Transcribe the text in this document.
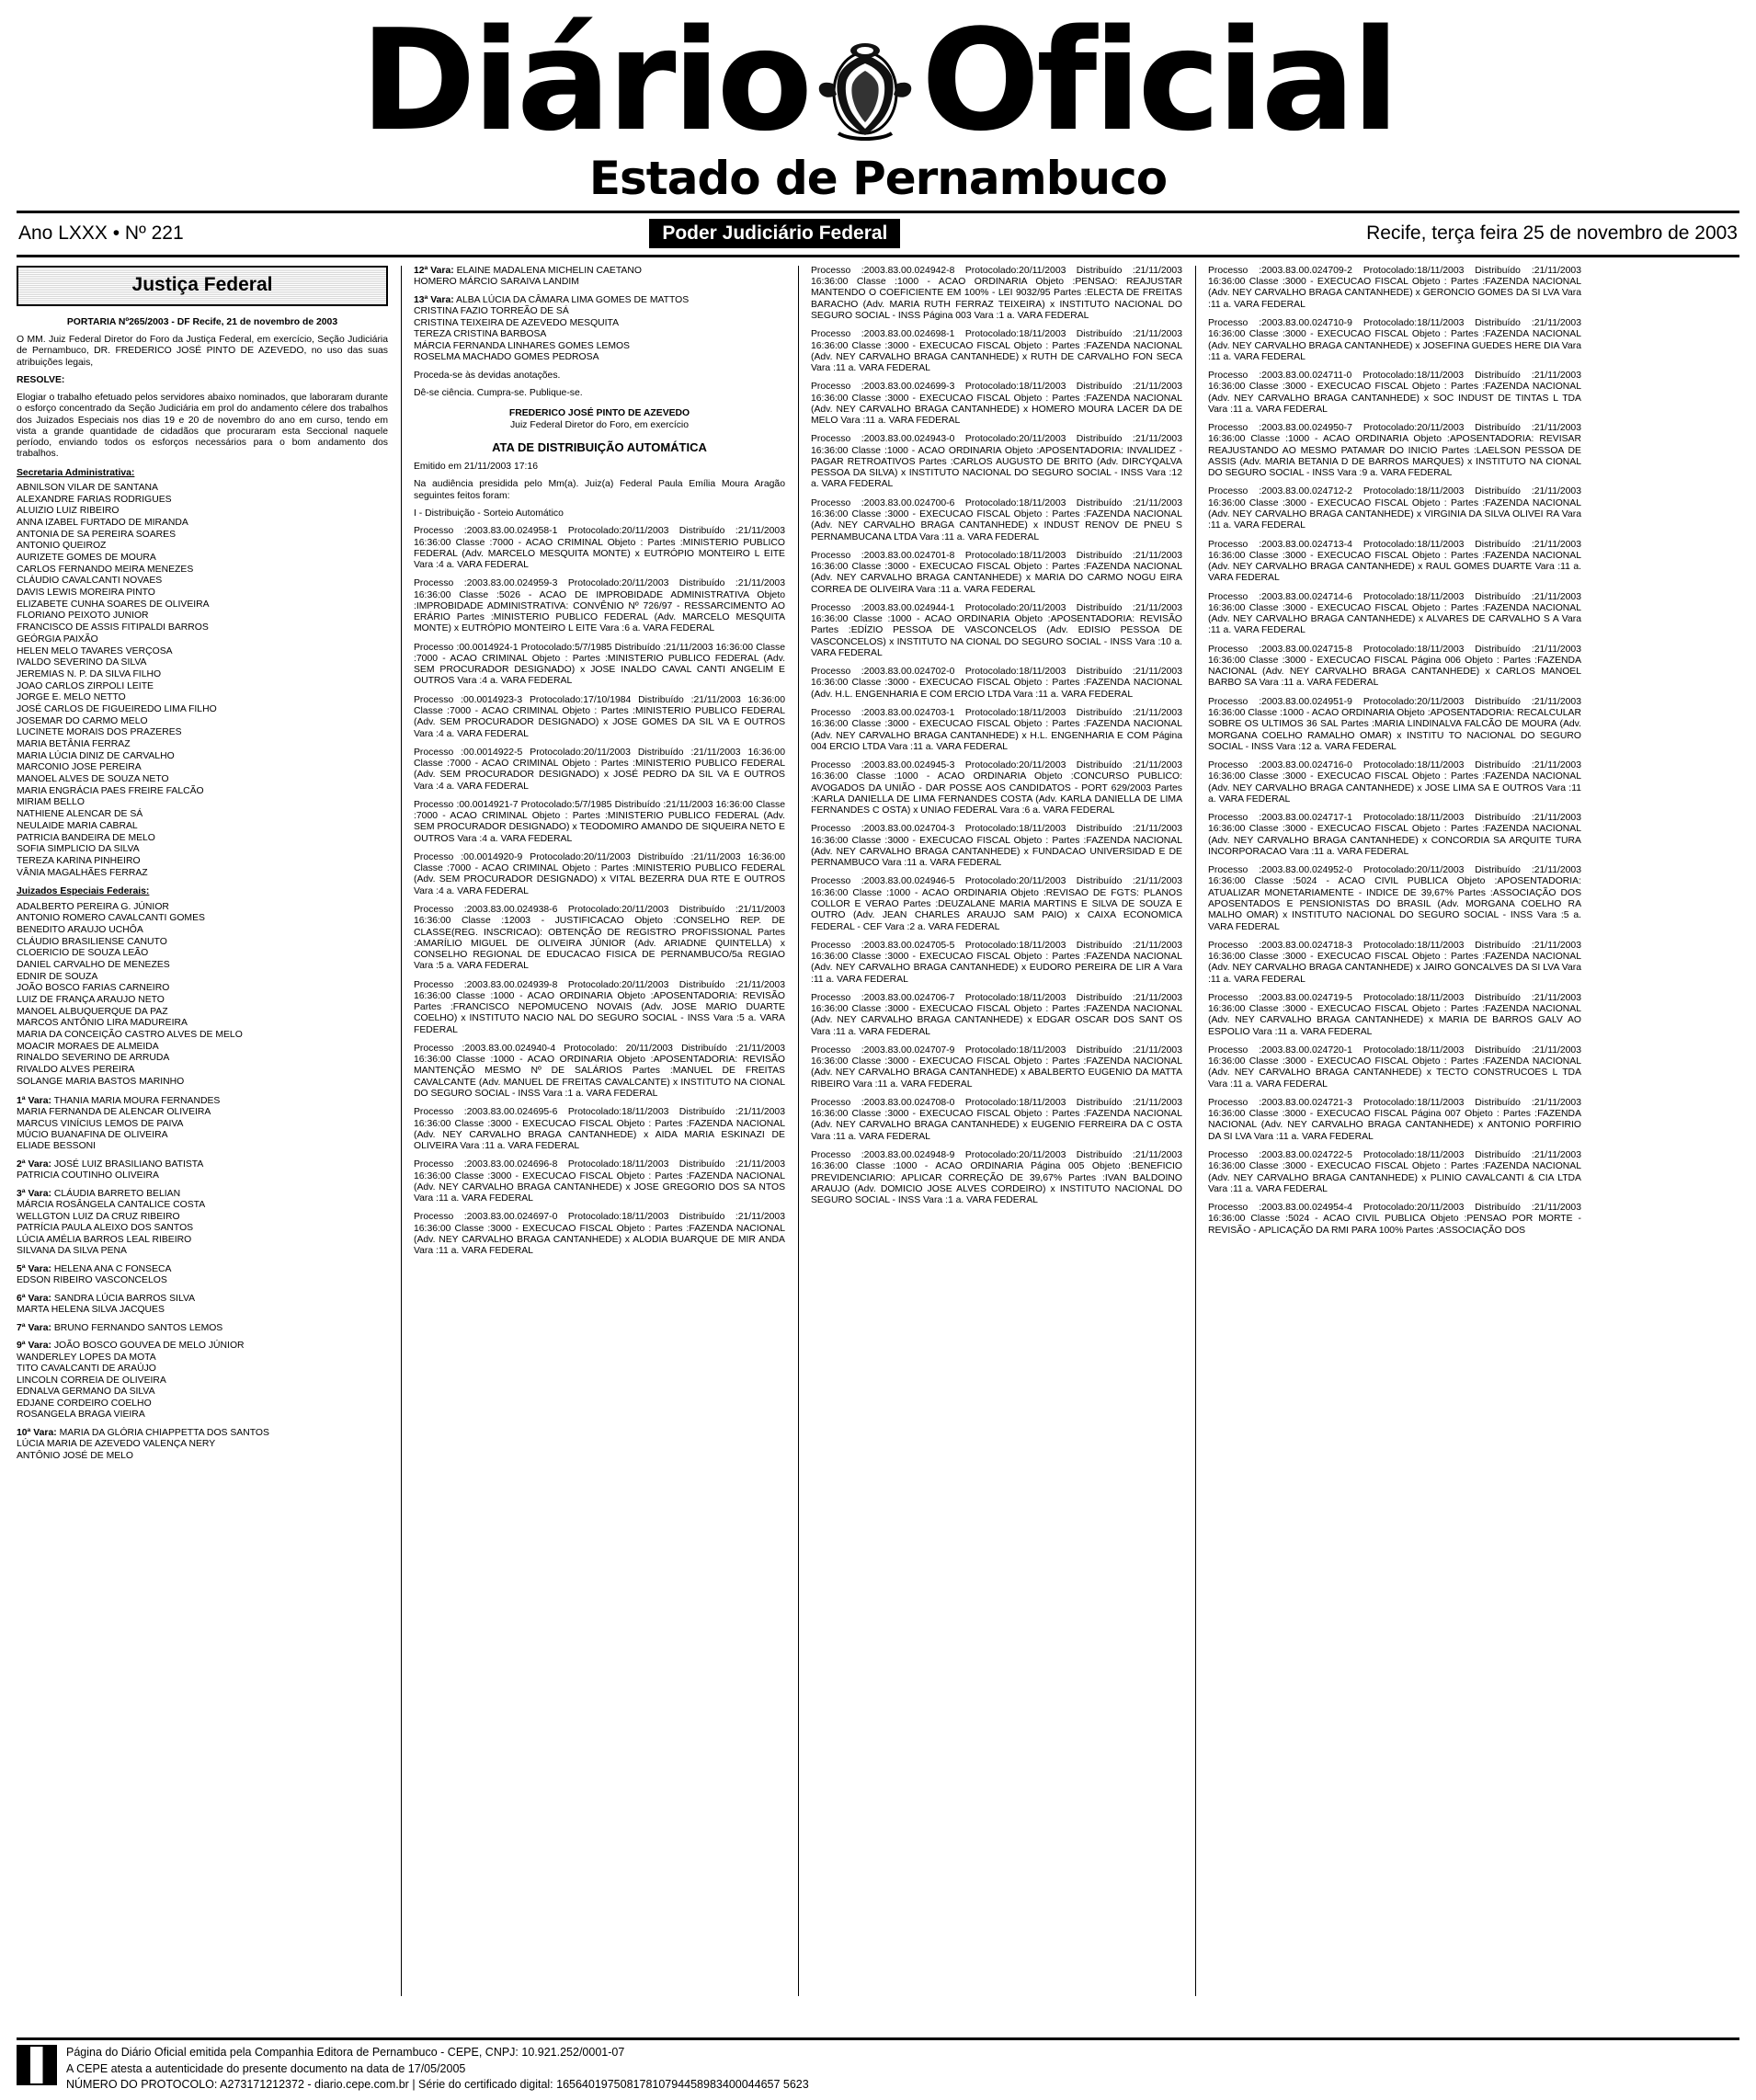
Diário Oficial
Estado de Pernambuco
Ano LXXX • Nº 221	Poder Judiciário Federal	Recife, terça feira 25 de novembro de 2003
Justiça Federal
PORTARIA Nº265/2003 - DF Recife, 21 de novembro de 2003
O MM. Juiz Federal Diretor do Foro da Justiça Federal, em exercício, Seção Judiciária de Pernambuco, DR. FREDERICO JOSÉ PINTO DE AZEVEDO, no uso das suas atribuições legais,
RESOLVE:
Elogiar o trabalho efetuado pelos servidores abaixo nominados, que laboraram durante o esforço concentrado da Seção Judiciária em prol do andamento célere dos trabalhos dos Juizados Especiais nos dias 19 e 20 de novembro do ano em curso, tendo em vista a grande quantidade de cidadãos que procuraram esta Seccional naquele período, enviando todos os esforços necessários para o bom andamento dos trabalhos.
Secretaria Administrativa:
ABNILSON VILAR DE SANTANA
ALEXANDRE FARIAS RODRIGUES
ALUIZIO LUIZ RIBEIRO
ANNA IZABEL FURTADO DE MIRANDA
ANTONIA DE SA PEREIRA SOARES
ANTONIO QUEIROZ
AURIZETE GOMES DE MOURA
CARLOS FERNANDO MEIRA MENEZES
CLÁUDIO CAVALCANTI NOVAES
DAVIS LEWIS MOREIRA PINTO
ELIZABETE CUNHA SOARES DE OLIVEIRA
FLORIANO PEIXOTO JUNIOR
FRANCISCO DE ASSIS FITIPALDI BARROS
GEÓRGIA PAIXÃO
HELEN MELO TAVARES VERÇOSA
IVALDO SEVERINO DA SILVA
JEREMIAS N. P. DA SILVA FILHO
JOAO CARLOS ZIRPOLI LEITE
JORGE E. MELO NETTO
JOSÉ CARLOS DE FIGUEIREDO LIMA FILHO
JOSEMAR DO CARMO MELO
LUCINETE MORAIS DOS PRAZERES
MARIA BETÂNIA FERRAZ
MARIA LÚCIA DINIZ DE CARVALHO
MARCONIO JOSE PEREIRA
MANOEL ALVES DE SOUZA NETO
MARIA ENGRÁCIA PAES FREIRE FALCÃO
MIRIAM BELLO
NATHIENE ALENCAR DE SÁ
NEULAIDE MARIA CABRAL
PATRICIA BANDEIRA DE MELO
SOFIA SIMPLICIO DA SILVA
TEREZA KARINA PINHEIRO
VÂNIA MAGALHÃES FERRAZ
Juizados Especiais Federais:
ADALBERTO PEREIRA G. JÚNIOR
ANTONIO ROMERO CAVALCANTI GOMES
BENEDITO ARAUJO UCHÔA
CLÁUDIO BRASILIENSE CANUTO
CLOERICIO DE SOUZA LEÃO
DANIEL CARVALHO DE MENEZES
EDNIR DE SOUZA
JOÃO BOSCO FARIAS CARNEIRO
LUIZ DE FRANÇA ARAUJO NETO
MANOEL ALBUQUERQUE DA PAZ
MARCOS ANTÔNIO LIRA MADUREIRA
MARIA DA CONCEIÇÃO CASTRO ALVES DE MELO
MOACIR MORAES DE ALMEIDA
RINALDO SEVERINO DE ARRUDA
RIVALDO ALVES PEREIRA
SOLANGE MARIA BASTOS MARINHO
1ª Vara: THANIA MARIA MOURA FERNANDES
MARIA FERNANDA DE ALENCAR OLIVEIRA
MARCUS VINÍCIUS LEMOS DE PAIVA
MÚCIO BUANAFINA DE OLIVEIRA
ELIADE BESSONI
2ª Vara: JOSÉ LUIZ BRASILIANO BATISTA
PATRICIA COUTINHO OLIVEIRA
3ª Vara: CLÁUDIA BARRETO BELIAN
MÁRCIA ROSÂNGELA CANTALICE COSTA
WELLGTON LUIZ DA CRUZ RIBEIRO
PATRÍCIA PAULA ALEIXO DOS SANTOS
LÚCIA AMÉLIA BARROS LEAL RIBEIRO
SILVANA DA SILVA PENA
5ª Vara: HELENA ANA C FONSECA
EDSON RIBEIRO VASCONCELOS
6ª Vara: SANDRA LÚCIA BARROS SILVA
MARTA HELENA SILVA JACQUES
7ª Vara: BRUNO FERNANDO SANTOS LEMOS
9ª Vara: JOÃO BOSCO GOUVEA DE MELO JÚNIOR
WANDERLEY LOPES DA MOTA
TITO CAVALCANTI DE ARAÚJO
LINCOLN CORREIA DE OLIVEIRA
EDNALVA GERMANO DA SILVA
EDJANE CORDEIRO COELHO
ROSANGELA BRAGA VIEIRA
10ª Vara: MARIA DA GLÓRIA CHIAPPETTA DOS SANTOS
LÚCIA MARIA DE AZEVEDO VALENÇA NERY
ANTÔNIO JOSÉ DE MELO
12ª Vara: ELAINE MADALENA MICHELIN CAETANO
HOMERO MÁRCIO SARAIVA LANDIM
13ª Vara: ALBA LÚCIA DA CÂMARA LIMA GOMES DE MATTOS
CRISTINA FAZIO TORREÃO DE SÁ
CRISTINA TEIXEIRA DE AZEVEDO MESQUITA
TEREZA CRISTINA BARBOSA
MÁRCIA FERNANDA LINHARES GOMES LEMOS
ROSELMA MACHADO GOMES PEDROSA
Proceda-se às devidas anotações.
Dê-se ciência. Cumpra-se. Publique-se.
FREDERICO JOSÉ PINTO DE AZEVEDO
Juiz Federal Diretor do Foro, em exercício
ATA DE DISTRIBUIÇÃO AUTOMÁTICA
Emitido em 21/11/2003 17:16
Na audiência presidida pelo Mm(a). Juiz(a) Federal Paula Emília Moura Aragão seguintes feitos foram:
I - Distribuição - Sorteio Automático
Processo :2003.83.00.024958-1 Protocolado:20/11/2003 Distribuído :21/11/2003 16:36:00 Classe :7000 - ACAO CRIMINAL Objeto : Partes :MINISTERIO PUBLICO FEDERAL (Adv. MARCELO MESQUITA MONTE) x EUTRÓPIO MONTEIRO L EITE Vara :4 a. VARA FEDERAL
Processo :2003.83.00.024959-3 Protocolado:20/11/2003 Distribuído :21/11/2003 16:36:00 Classe :5026 - ACAO DE IMPROBIDADE ADMINISTRATIVA Objeto :IMPROBIDADE ADMINISTRATIVA: CONVÊNIO Nº 726/97 - RESSARCIMENTO AO ERÁRIO Partes :MINISTERIO PUBLICO FEDERAL (Adv. MARCELO MESQUITA MONTE) x EUTRÓPIO MONTEIRO L EITE Vara :6 a. VARA FEDERAL
Processo :00.0014924-1 Protocolado:5/7/1985 Distribuído :21/11/2003 16:36:00 Classe :7000 - ACAO CRIMINAL Objeto : Partes :MINISTERIO PUBLICO FEDERAL (Adv. SEM PROCURADOR DESIGNADO) x JOSE INALDO CAVAL CANTI ANGELIM E OUTROS Vara :4 a. VARA FEDERAL
Processo :00.0014923-3 Protocolado:17/10/1984 Distribuído :21/11/2003 16:36:00 Classe :7000 - ACAO CRIMINAL Objeto : Partes :MINISTERIO PUBLICO FEDERAL (Adv. SEM PROCURADOR DESIGNADO) x JOSE GOMES DA SIL VA E OUTROS Vara :4 a. VARA FEDERAL
Processo :00.0014922-5 Protocolado:20/11/2003 Distribuído :21/11/2003 16:36:00 Classe :7000 - ACAO CRIMINAL Objeto : Partes :MINISTERIO PUBLICO FEDERAL (Adv. SEM PROCURADOR DESIGNADO) x JOSÉ PEDRO DA SIL VA E OUTROS Vara :4 a. VARA FEDERAL
Processo :00.0014921-7 Protocolado:5/7/1985 Distribuído :21/11/2003 16:36:00 Classe :7000 - ACAO CRIMINAL Objeto : Partes :MINISTERIO PUBLICO FEDERAL (Adv. SEM PROCURADOR DESIGNADO) x TEODOMIRO AMANDO DE SIQUEIRA NETO E OUTROS Vara :4 a. VARA FEDERAL
Processo :00.0014920-9 Protocolado:20/11/2003 Distribuído :21/11/2003 16:36:00 Classe :7000 - ACAO CRIMINAL Objeto : Partes :MINISTERIO PUBLICO FEDERAL (Adv. SEM PROCURADOR DESIGNADO) x VITAL BEZERRA DUA RTE E OUTROS Vara :4 a. VARA FEDERAL
Processo :2003.83.00.024938-6 Protocolado:20/11/2003 Distribuído :21/11/2003 16:36:00 Classe :12003 - JUSTIFICACAO Objeto :CONSELHO REP. DE CLASSE(REG. INSCRICAO): OBTENÇÃO DE REGISTRO PROFISSIONAL Partes :AMARÍLIO MIGUEL DE OLIVEIRA JÚNIOR (Adv. ARIADNE QUINTELLA) x CONSELHO REGIONAL DE EDUCACAO FISICA DE PERNAMBUCO/5a REGIAO Vara :5 a. VARA FEDERAL
Processo :2003.83.00.024939-8 Protocolado:20/11/2003 Distribuído :21/11/2003 16:36:00 Classe :1000 - ACAO ORDINARIA Objeto :APOSENTADORIA: REVISÃO Partes :FRANCISCO NEPOMUCENO NOVAIS (Adv. JOSE MARIO DUARTE COELHO) x INSTITUTO NACIO NAL DO SEGURO SOCIAL - INSS Vara :5 a. VARA FEDERAL
Processo :2003.83.00.024940-4 Protocolado: 20/11/2003 Distribuído :21/11/2003 16:36:00 Classe :1000 - ACAO ORDINARIA Objeto :APOSENTADORIA: REVISÃO MANTENÇÃO MESMO Nº DE SALÁRIOS Partes :MANUEL DE FREITAS CAVALCANTE (Adv. MANUEL DE FREITAS CAVALCANTE) x INSTITUTO NA CIONAL DO SEGURO SOCIAL - INSS Vara :1 a. VARA FEDERAL
Processo :2003.83.00.024695-6 Protocolado:18/11/2003 Distribuído :21/11/2003 16:36:00 Classe :3000 - EXECUCAO FISCAL Objeto : Partes :FAZENDA NACIONAL (Adv. NEY CARVALHO BRAGA CANTANHEDE) x AIDA MARIA ESKINAZI DE OLIVEIRA Vara :11 a. VARA FEDERAL
Processo :2003.83.00.024696-8 Protocolado:18/11/2003 Distribuído :21/11/2003 16:36:00 Classe :3000 - EXECUCAO FISCAL Objeto : Partes :FAZENDA NACIONAL (Adv. NEY CARVALHO BRAGA CANTANHEDE) x JOSE GREGORIO DOS SA NTOS Vara :11 a. VARA FEDERAL
Processo :2003.83.00.024697-0 Protocolado:18/11/2003 Distribuído :21/11/2003 16:36:00 Classe :3000 - EXECUCAO FISCAL Objeto : Partes :FAZENDA NACIONAL (Adv. NEY CARVALHO BRAGA CANTANHEDE) x ALODIA BUARQUE DE MIR ANDA Vara :11 a. VARA FEDERAL
Processo :2003.83.00.024942-8 Protocolado:20/11/2003 Distribuído :21/11/2003 16:36:00 Classe :1000 - ACAO ORDINARIA Objeto :PENSAO: REAJUSTAR MANTENDO O COEFICIENTE EM 100% - LEI 9032/95 Partes :ELECTA DE FREITAS BARACHO (Adv. MARIA RUTH FERRAZ TEIXEIRA) x INSTITUTO NACIONAL DO SEGURO SOCIAL - INSS Página 003 Vara :1 a. VARA FEDERAL
Processo :2003.83.00.024698-1 Protocolado:18/11/2003 Distribuído :21/11/2003 16:36:00 Classe :3000 - EXECUCAO FISCAL Objeto : Partes :FAZENDA NACIONAL (Adv. NEY CARVALHO BRAGA CANTANHEDE) x RUTH DE CARVALHO FON SECA Vara :11 a. VARA FEDERAL
Processo :2003.83.00.024699-3 Protocolado:18/11/2003 Distribuído :21/11/2003 16:36:00 Classe :3000 - EXECUCAO FISCAL Objeto : Partes :FAZENDA NACIONAL (Adv. NEY CARVALHO BRAGA CANTANHEDE) x HOMERO MOURA LACER DA DE MELO Vara :11 a. VARA FEDERAL
Processo :2003.83.00.024943-0 Protocolado:20/11/2003 Distribuído :21/11/2003 16:36:00 Classe :1000 - ACAO ORDINARIA Objeto :APOSENTADORIA: INVALIDEZ - PAGAR RETROATIVOS Partes :CARLOS AUGUSTO DE BRITO (Adv. DIRCYQALVA PESSOA DA SILVA) x INSTITUTO NACIONAL DO SEGURO SOCIAL - INSS Vara :12 a. VARA FEDERAL
Processo :2003.83.00.024700-6 Protocolado:18/11/2003 Distribuído :21/11/2003 16:36:00 Classe :3000 - EXECUCAO FISCAL Objeto : Partes :FAZENDA NACIONAL (Adv. NEY CARVALHO BRAGA CANTANHEDE) x INDUST RENOV DE PNEU S PERNAMBUCANA LTDA Vara :11 a. VARA FEDERAL
Processo :2003.83.00.024701-8 Protocolado:18/11/2003 Distribuído :21/11/2003 16:36:00 Classe :3000 - EXECUCAO FISCAL Objeto : Partes :FAZENDA NACIONAL (Adv. NEY CARVALHO BRAGA CANTANHEDE) x MARIA DO CARMO NOGU EIRA CORREA DE OLIVEIRA Vara :11 a. VARA FEDERAL
Processo :2003.83.00.024944-1 Protocolado:20/11/2003 Distribuído :21/11/2003 16:36:00 Classe :1000 - ACAO ORDINARIA Objeto :APOSENTADORIA: REVISÃO Partes :EDÍZIO PESSOA DE VASCONCELOS (Adv. EDISIO PESSOA DE VASCONCELOS) x INSTITUTO NA CIONAL DO SEGURO SOCIAL - INSS Vara :10 a. VARA FEDERAL
Processo :2003.83.00.024702-0 Protocolado:18/11/2003 Distribuído :21/11/2003 16:36:00 Classe :3000 - EXECUCAO FISCAL Objeto : Partes :FAZENDA NACIONAL (Adv. H.L. ENGENHARIA E COM ERCIO LTDA Vara :11 a. VARA FEDERAL
Processo :2003.83.00.024703-1 Protocolado:18/11/2003 Distribuído :21/11/2003 16:36:00 Classe :3000 - EXECUCAO FISCAL Objeto : Partes :FAZENDA NACIONAL (Adv. NEY CARVALHO BRAGA CANTANHEDE) x H.L. ENGENHARIA E COM Página 004 ERCIO LTDA Vara :11 a. VARA FEDERAL
Processo :2003.83.00.024945-3 Protocolado:20/11/2003 Distribuído :21/11/2003 16:36:00 Classe :1000 - ACAO ORDINARIA Objeto :CONCURSO PUBLICO: AVOGADOS DA UNIÃO - DAR POSSE AOS CANDIDATOS - PORT 629/2003 Partes :KARLA DANIELLA DE LIMA FERNANDES COSTA (Adv. KARLA DANIELLA DE LIMA FERNANDES C OSTA) x UNIAO FEDERAL Vara :6 a. VARA FEDERAL
Processo :2003.83.00.024704-3 Protocolado:18/11/2003 Distribuído :21/11/2003 16:36:00 Classe :3000 - EXECUCAO FISCAL Objeto : Partes :FAZENDA NACIONAL (Adv. NEY CARVALHO BRAGA CANTANHEDE) x FUNDACAO UNIVERSIDAD E DE PERNAMBUCO Vara :11 a. VARA FEDERAL
Processo :2003.83.00.024946-5 Protocolado:20/11/2003 Distribuído :21/11/2003 16:36:00 Classe :1000 - ACAO ORDINARIA Objeto :REVISAO DE FGTS: PLANOS COLLOR E VERAO Partes :DEUZALANE MARIA MARTINS E SILVA DE SOUZA E OUTRO (Adv. JEAN CHARLES ARAUJO SAM PAIO) x CAIXA ECONOMICA FEDERAL - CEF Vara :2 a. VARA FEDERAL
Processo :2003.83.00.024705-5 Protocolado:18/11/2003 Distribuído :21/11/2003 16:36:00 Classe :3000 - EXECUCAO FISCAL Objeto : Partes :FAZENDA NACIONAL (Adv. NEY CARVALHO BRAGA CANTANHEDE) x EUDORO PEREIRA DE LIR A Vara :11 a. VARA FEDERAL
Processo :2003.83.00.024706-7 Protocolado:18/11/2003 Distribuído :21/11/2003 16:36:00 Classe :3000 - EXECUCAO FISCAL Objeto : Partes :FAZENDA NACIONAL (Adv. NEY CARVALHO BRAGA CANTANHEDE) x EDGAR OSCAR DOS SANT OS Vara :11 a. VARA FEDERAL
Processo :2003.83.00.024707-9 Protocolado:18/11/2003 Distribuído :21/11/2003 16:36:00 Classe :3000 - EXECUCAO FISCAL Objeto : Partes :FAZENDA NACIONAL (Adv. NEY CARVALHO BRAGA CANTANHEDE) x ABALBERTO EUGENIO DA MATTA RIBEIRO Vara :11 a. VARA FEDERAL
Processo :2003.83.00.024708-0 Protocolado:18/11/2003 Distribuído :21/11/2003 16:36:00 Classe :3000 - EXECUCAO FISCAL Objeto : Partes :FAZENDA NACIONAL (Adv. NEY CARVALHO BRAGA CANTANHEDE) x EUGENIO FERREIRA DA C OSTA Vara :11 a. VARA FEDERAL
Processo :2003.83.00.024948-9 Protocolado:20/11/2003 Distribuído :21/11/2003 16:36:00 Classe :1000 - ACAO ORDINARIA Página 005 Objeto :BENEFICIO PREVIDENCIARIO: APLICAR CORREÇÃO DE 39,67% Partes :IVAN BALDOINO ARAUJO (Adv. DOMICIO JOSE ALVES CORDEIRO) x INSTITUTO NACIONAL DO SEGURO SOCIAL - INSS Vara :1 a. VARA FEDERAL
Processo :2003.83.00.024709-2 Protocolado:18/11/2003 Distribuído :21/11/2003 16:36:00 Classe :3000 - EXECUCAO FISCAL Objeto : Partes :FAZENDA NACIONAL (Adv. NEY CARVALHO BRAGA CANTANHEDE) x GERONCIO GOMES DA SI LVA Vara :11 a. VARA FEDERAL
Processo :2003.83.00.024710-9 Protocolado:18/11/2003 Distribuído :21/11/2003 16:36:00 Classe :3000 - EXECUCAO FISCAL Objeto : Partes :FAZENDA NACIONAL (Adv. NEY CARVALHO BRAGA CANTANHEDE) x JOSEFINA GUEDES HERE DIA Vara :11 a. VARA FEDERAL
Processo :2003.83.00.024711-0 Protocolado:18/11/2003 Distribuído :21/11/2003 16:36:00 Classe :3000 - EXECUCAO FISCAL Objeto : Partes :FAZENDA NACIONAL (Adv. NEY CARVALHO BRAGA CANTANHEDE) x SOC INDUST DE TINTAS L TDA Vara :11 a. VARA FEDERAL
Processo :2003.83.00.024950-7 Protocolado:20/11/2003 Distribuído :21/11/2003 16:36:00 Classe :1000 - ACAO ORDINARIA Objeto :APOSENTADORIA: REVISAR REAJUSTANDO AO MESMO PATAMAR DO INICIO Partes :LAELSON PESSOA DE ASSIS (Adv. MARIA BETANIA D DE BARROS MARQUES) x INSTITUTO NA CIONAL DO SEGURO SOCIAL - INSS Vara :9 a. VARA FEDERAL
Processo :2003.83.00.024712-2 Protocolado:18/11/2003 Distribuído :21/11/2003 16:36:00 Classe :3000 - EXECUCAO FISCAL Objeto : Partes :FAZENDA NACIONAL (Adv. NEY CARVALHO BRAGA CANTANHEDE) x VIRGINIA DA SILVA OLIVEI RA Vara :11 a. VARA FEDERAL
Processo :2003.83.00.024713-4 Protocolado:18/11/2003 Distribuído :21/11/2003 16:36:00 Classe :3000 - EXECUCAO FISCAL Objeto : Partes :FAZENDA NACIONAL (Adv. NEY CARVALHO BRAGA CANTANHEDE) x RAUL GOMES DUARTE Vara :11 a. VARA FEDERAL
Processo :2003.83.00.024714-6 Protocolado:18/11/2003 Distribuído :21/11/2003 16:36:00 Classe :3000 - EXECUCAO FISCAL Objeto : Partes :FAZENDA NACIONAL (Adv. NEY CARVALHO BRAGA CANTANHEDE) x ALVARES DE CARVALHO S A Vara :11 a. VARA FEDERAL
Processo :2003.83.00.024715-8 Protocolado:18/11/2003 Distribuído :21/11/2003 16:36:00 Classe :3000 - EXECUCAO FISCAL Página 006 Objeto : Partes :FAZENDA NACIONAL (Adv. NEY CARVALHO BRAGA CANTANHEDE) x CARLOS MANOEL BARBO SA Vara :11 a. VARA FEDERAL
Processo :2003.83.00.024951-9 Protocolado:20/11/2003 Distribuído :21/11/2003 16:36:00 Classe :1000 - ACAO ORDINARIA Objeto :APOSENTADORIA: RECALCULAR SOBRE OS ULTIMOS 36 SAL Partes :MARIA LINDINALVA FALCÃO DE MOURA (Adv. MORGANA COELHO RAMALHO OMAR) x INSTITU TO NACIONAL DO SEGURO SOCIAL - INSS Vara :12 a. VARA FEDERAL
Processo :2003.83.00.024716-0 Protocolado:18/11/2003 Distribuído :21/11/2003 16:36:00 Classe :3000 - EXECUCAO FISCAL Objeto : Partes :FAZENDA NACIONAL (Adv. NEY CARVALHO BRAGA CANTANHEDE) x JOSE LIMA SA E OUTROS Vara :11 a. VARA FEDERAL
Processo :2003.83.00.024717-1 Protocolado:18/11/2003 Distribuído :21/11/2003 16:36:00 Classe :3000 - EXECUCAO FISCAL Objeto : Partes :FAZENDA NACIONAL (Adv. NEY CARVALHO BRAGA CANTANHEDE) x CONCORDIA SA ARQUITE TURA INCORPORACAO Vara :11 a. VARA FEDERAL
Processo :2003.83.00.024952-0 Protocolado:20/11/2003 Distribuído :21/11/2003 16:36:00 Classe :5024 - ACAO CIVIL PUBLICA Objeto :APOSENTADORIA: ATUALIZAR MONETARIAMENTE - INDICE DE 39,67% Partes :ASSOCIAÇÃO DOS APOSENTADOS E PENSIONISTAS DO BRASIL (Adv. MORGANA COELHO RA MALHO OMAR) x INSTITUTO NACIONAL DO SEGURO SOCIAL - INSS Vara :5 a. VARA FEDERAL
Processo :2003.83.00.024718-3 Protocolado:18/11/2003 Distribuído :21/11/2003 16:36:00 Classe :3000 - EXECUCAO FISCAL Objeto : Partes :FAZENDA NACIONAL (Adv. NEY CARVALHO BRAGA CANTANHEDE) x JAIRO GONCALVES DA SI LVA Vara :11 a. VARA FEDERAL
Processo :2003.83.00.024719-5 Protocolado:18/11/2003 Distribuído :21/11/2003 16:36:00 Classe :3000 - EXECUCAO FISCAL Objeto : Partes :FAZENDA NACIONAL (Adv. NEY CARVALHO BRAGA CANTANHEDE) x MARIA DE BARROS GALV AO ESPOLIO Vara :11 a. VARA FEDERAL
Processo :2003.83.00.024720-1 Protocolado:18/11/2003 Distribuído :21/11/2003 16:36:00 Classe :3000 - EXECUCAO FISCAL Objeto : Partes :FAZENDA NACIONAL (Adv. NEY CARVALHO BRAGA CANTANHEDE) x TECTO CONSTRUCOES L TDA Vara :11 a. VARA FEDERAL
Processo :2003.83.00.024721-3 Protocolado:18/11/2003 Distribuído :21/11/2003 16:36:00 Classe :3000 - EXECUCAO FISCAL Página 007 Objeto : Partes :FAZENDA NACIONAL (Adv. NEY CARVALHO BRAGA CANTANHEDE) x ANTONIO PORFIRIO DA SI LVA Vara :11 a. VARA FEDERAL
Processo :2003.83.00.024722-5 Protocolado:18/11/2003 Distribuído :21/11/2003 16:36:00 Classe :3000 - EXECUCAO FISCAL Objeto : Partes :FAZENDA NACIONAL (Adv. NEY CARVALHO BRAGA CANTANHEDE) x PLINIO CAVALCANTI & CIA LTDA Vara :11 a. VARA FEDERAL
Processo :2003.83.00.024954-4 Protocolado:20/11/2003 Distribuído :21/11/2003 16:36:00 Classe :5024 - ACAO CIVIL PUBLICA Objeto :PENSAO POR MORTE - REVISÃO - APLICAÇÃO DA RMI PARA 100% Partes :ASSOCIAÇÃO DOS
Página do Diário Oficial emitida pela Companhia Editora de Pernambuco - CEPE, CNPJ: 10.921.252/0001-07
A CEPE atesta a autenticidade do presente documento na data de 17/05/2005
NÚMERO DO PROTOCOLO: A273171212372 - diario.cepe.com.br | Série do certificado digital: 16564019750817810794458983400044657 5623
